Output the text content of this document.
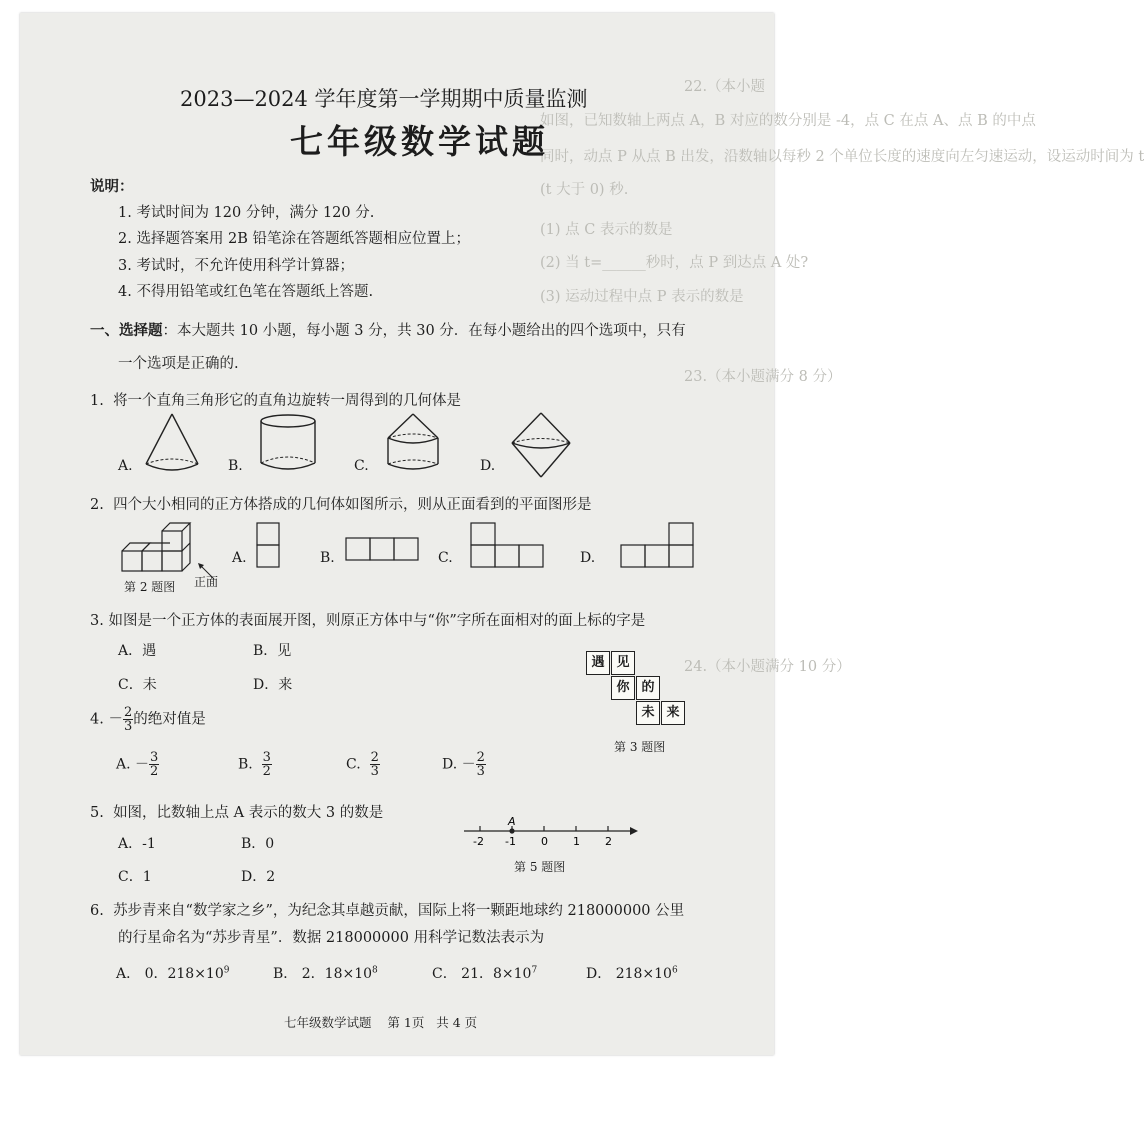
22.（本小题
如图，已知数轴上两点 A，B 对应的数分别是 -4，点 C 在点 A、点 B 的中点
同时，动点 P 从点 B 出发，沿数轴以每秒 2 个单位长度的速度向左匀速运动，设运动时间为 t
(t 大于 0) 秒.
(1) 点 C 表示的数是
(2) 当 t=______秒时，点 P 到达点 A 处?
(3) 运动过程中点 P 表示的数是
23.（本小题满分 8 分）
24.（本小题满分 10 分）
2023—2024 学年度第一学期期中质量监测
七年级数学试题
说明：
1. 考试时间为 120 分钟，满分 120 分.
2. 选择题答案用 2B 铅笔涂在答题纸答题相应位置上；
3. 考试时，不允许使用科学计算器；
4. 不得用铅笔或红色笔在答题纸上答题.
一、选择题：本大题共 10 小题，每小题 3 分，共 30 分．在每小题给出的四个选项中，只有
一个选项是正确的.
1. 将一个直角三角形它的直角边旋转一周得到的几何体是
A.	B.	C.	D.
2. 四个大小相同的正方体搭成的几何体如图所示，则从正面看到的平面图形是
第 2 题图 正面
A.	B.	C.	D.
3. 如图是一个正方体的表面展开图，则原正方体中与“你”字所在面相对的面上标的字是
A．遇	B．见
C．未	D．来
遇 见
你 的
未 来
第 3 题图
4. － $\frac{2}{3}$ 的绝对值是
A. － $\frac{3}{2}$	B. $\frac{3}{2}$	C. $\frac{2}{3}$	D. － $\frac{2}{3}$
5. 如图，比数轴上点 A 表示的数大 3 的数是
A．-1	B．0
C．1	D．2
A
-2 -1 0 1 2
第 5 题图
6. 苏步青来自“数学家之乡”，为纪念其卓越贡献，国际上将一颗距地球约 218000000 公里
的行星命名为“苏步青星”．数据 218000000 用科学记数法表示为
A． 0．$218\times 10^9$	B． 2．$18\times 10^8$	C． 21．$8\times 10^7$	D． $218\times 10^6$
七年级数学试题 第 1页 共 4 页
